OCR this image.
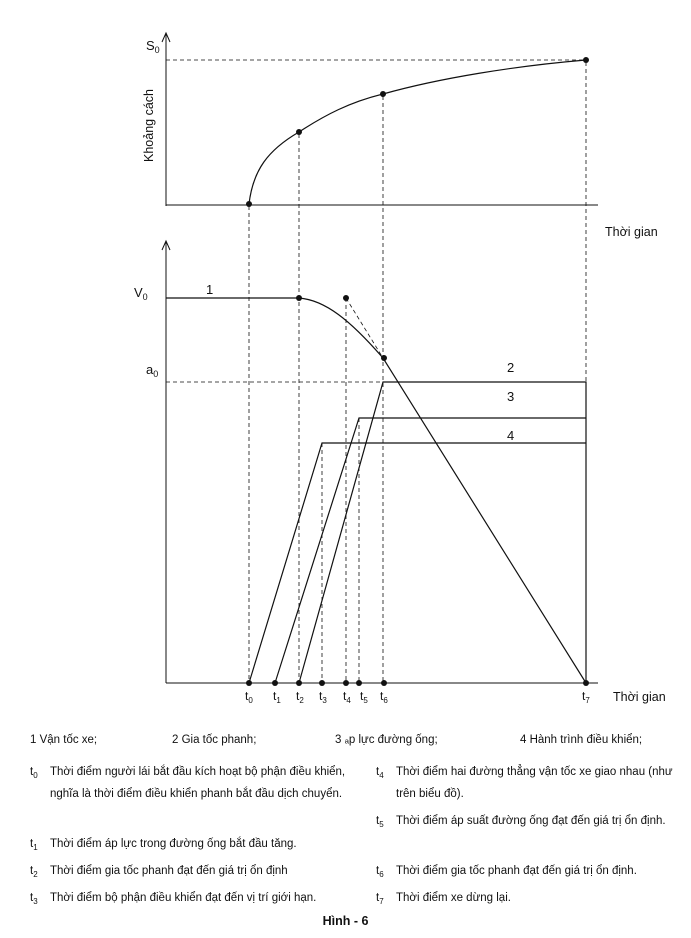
$S_0$
Khoảng cách
Thời gian
1
2
3
4
$V_0$
$a_0$
$t_0$ $t_1$ $t_2$ $t_3$ $t_4$ $t_5$ $t_6$	$t_7$ Thời gian
1 Vận tốc xe;	2 Gia tốc phanh;	3 ₐp lực đường ống;	4 Hành trình điều khiển;
$t_0$ Thời điểm người lái bắt đầu kích hoạt bộ phận điều khiển, nghĩa là thời điểm điều khiển phanh bắt đầu dịch chuyển.
$t_1$ Thời điểm áp lực trong đường ống bắt đầu tăng.
$t_2$ Thời điểm gia tốc phanh đạt đến giá trị ổn định
$t_3$ Thời điểm bộ phận điều khiển đạt đến vị trí giới hạn.
$t_4$ Thời điểm hai đường thẳng vận tốc xe giao nhau (như trên biểu đồ).
$t_5$ Thời điểm áp suất đường ống đạt đến giá trị ổn định.
$t_6$ Thời điểm gia tốc phanh đạt đến giá trị ổn định.
$t_7$ Thời điểm xe dừng lại.
Hình - 6
